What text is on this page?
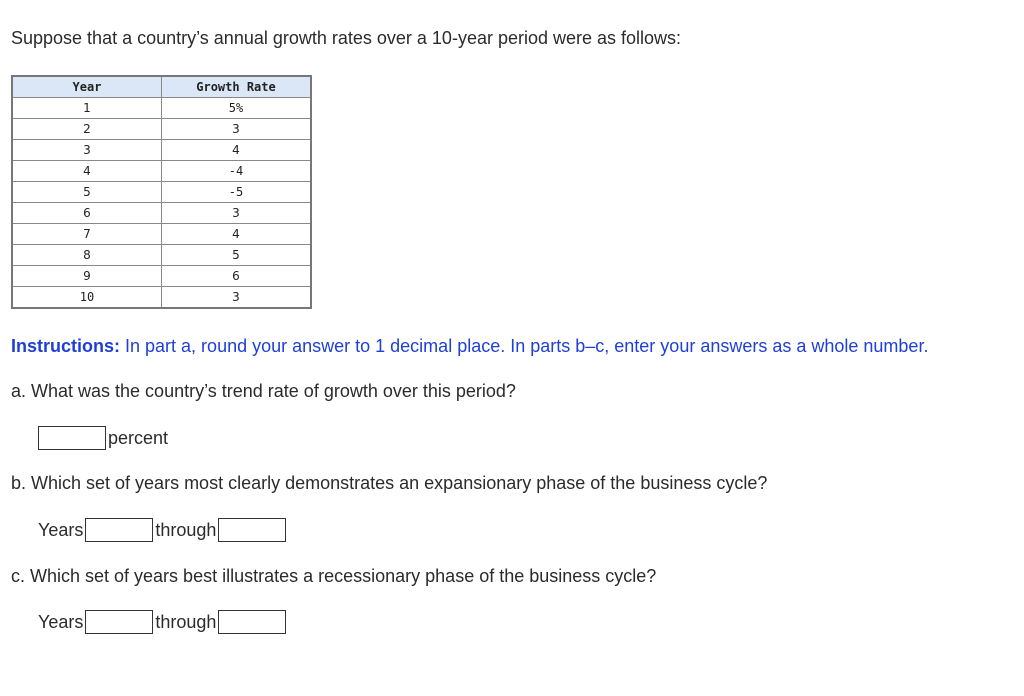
Suppose that a country’s annual growth rates over a 10-year period were as follows:

Year	Growth Rate
1	5%
2	3
3	4
4	-4
5	-5
6	3
7	4
8	5
9	6
10	3

Instructions: In part a, round your answer to 1 decimal place. In parts b–c, enter your answers as a whole number.

a. What was the country’s trend rate of growth over this period?

percent

b. Which set of years most clearly demonstrates an expansionary phase of the business cycle?

Years	through

c. Which set of years best illustrates a recessionary phase of the business cycle?

Years	through
